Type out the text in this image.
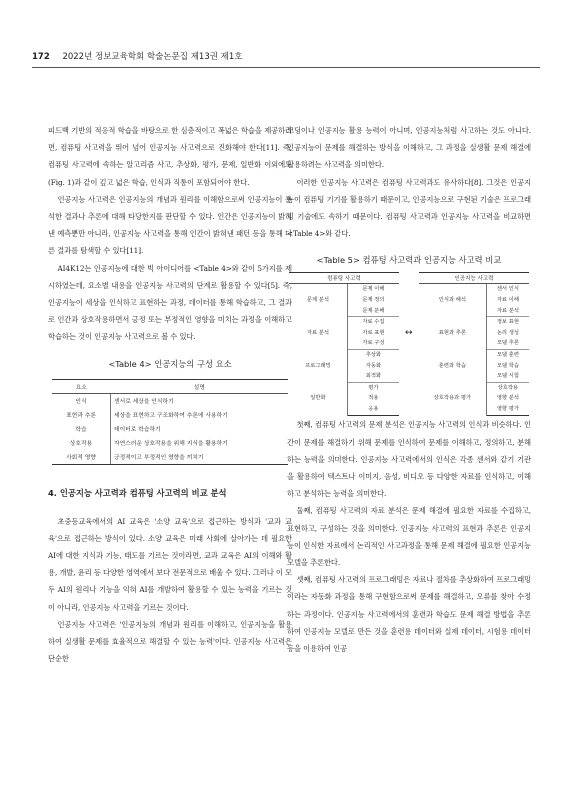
172 2022년 정보교육학회 학술논문집 제13권 제1호

피드백 기반의 적응적 학습을 바탕으로 한 심층적이고 폭넓은 학습을 제공하려면, 컴퓨팅 사고력을 뛰어 넘어 인공지능 사고력으로 진화해야 한다[11]. 즉, 컴퓨팅 사고력에 속하는 알고리즘 사고, 추상화, 평가, 문제, 일반화 이외에도 (Fig. 1)과 같이 깊고 넓은 학습, 인식과 직통이 포함되어야 한다.

인공지능 사고력은 인공지능의 개념과 원리를 이해함으로써 인공지능이 분석한 결과나 추론에 대해 타당한지를 판단할 수 있다. 인간은 인공지능이 밝혀낸 예측뿐만 아니라, 인공지능 사고력을 통해 인간이 밝혀낸 패턴 등을 통해 다른 결과를 탐색할 수 있다[11].

AI4K12는 인공지능에 대한 빅 아이디어를 <Table 4>와 같이 5가지를 제시하였는데, 요소별 내용을 인공지능 사고력의 단계로 활용할 수 있다[5]. 즉, 인공지능이 세상을 인식하고 표현하는 과정, 데이터를 통해 학습하고, 그 결과로 인간과 상호작용하면서 긍정 또는 부정적인 영향을 미치는 과정을 이해하고 학습하는 것이 인공지능 사고력으로 볼 수 있다.

<Table 4> 인공지능의 구성 요소

요소	설명
인식	센서로 세상을 인식하기
표현과 추론	세상을 표현하고 구조화하여 추론에 사용하기
학습	데이터로 학습하기
상호작용	자연스러운 상호작용을 위해 지식을 활용하기
사회적 영향	긍정적이고 부정적인 영향을 끼치기

4. 인공지능 사고력과 컴퓨팅 사고력의 비교 분석

초중등교육에서의 AI 교육은 '소양 교육'으로 접근하는 방식과 '교과 교육'으로 접근하는 방식이 있다. 소양 교육은 미래 사회에 살아가는 데 필요한 AI에 대한 지식과 기능, 태도를 기르는 것이라면, 교과 교육은 AI의 이해와 활용, 개발, 윤리 등 다양한 영역에서 보다 전문적으로 배울 수 있다. 그러나 이 모두 AI의 원리나 기능을 익혀 AI를 개발하여 활용할 수 있는 능력을 기르는 것이 아니라, 인공지능 사고력을 기르는 것이다.

인공지능 사고력은 '인공지능의 개념과 원리를 이해하고, 인공지능을 활용하여 실생활 문제를 효율적으로 해결할 수 있는 능력'이다. 인공지능 사고력은 단순한

코딩이나 인공지능 활용 능력이 아니며, 인공지능처럼 사고하는 것도 아니다. 인공지능이 문제를 해결하는 방식을 이해하고, 그 과정을 실생활 문제 해결에 활용하려는 사고력을 의미한다.

이러한 인공지능 사고력은 컴퓨팅 사고력과도 유사하다[8]. 그것은 인공지능이 컴퓨팅 기기를 활용하기 때문이고, 인공지능으로 구현된 기술은 프로그래밍 기술에도 속하기 때문이다. 컴퓨팅 사고력과 인공지능 사고력을 비교하면 <Table 4>와 같다.

<Table 5> 컴퓨팅 사고력과 인공지능 사고력 비교

컴퓨팅 사고력	
문제 분석	문제 이해
	문제 정의
	문제 분해
자료 분석	자료 수집
	자료 표현
	자료 구성
프로그래밍	추상화
	자동화
	최적화
일반화	평가
	적용
	응용
↔
인공지능 사고력	
인식과 해석	센서 인식
	자료 이해
	자료 분석
표현과 추론	정보 표현
	논리 생성
	모델 추론
훈련과 학습	모델 훈련
	모델 학습
	모델 시험
상호작용과 평가	상호작용
	영향 분석
	영향 평가

첫째, 컴퓨팅 사고력의 문제 분석은 인공지능 사고력의 인식과 비슷하다. 인간이 문제를 해결하기 위해 문제를 인식하여 문제를 이해하고, 정의하고, 분해하는 능력을 의미한다. 인공지능 사고력에서의 인식은 각종 센서와 같기 기관을 활용하여 텍스트나 이미지, 음성, 비디오 등 다양한 자료를 인식하고, 이해하고 분석하는 능력을 의미한다.

둘째, 컴퓨팅 사고력의 자료 분석은 문제 해결에 필요한 자료를 수집하고, 표현하고, 구성하는 것을 의미한다. 인공지능 사고력의 표현과 추론은 인공지능이 인식한 자료에서 논리적인 사고과정을 통해 문제 해결에 필요한 인공지능 모델을 추론한다.

셋째, 컴퓨팅 사고력의 프로그래밍은 자료나 절차를 추상화하여 프로그래밍이라는 자동화 과정을 통해 구현함으로써 문제를 해결하고, 오류를 찾아 수정하는 과정이다. 인공지능 사고력에서의 훈련과 학습도 문제 해결 방법을 추론하여 인공지능 모델로 만든 것을 훈련용 데이터와 실제 데이터, 시험용 데이터 등을 이용하여 인공
